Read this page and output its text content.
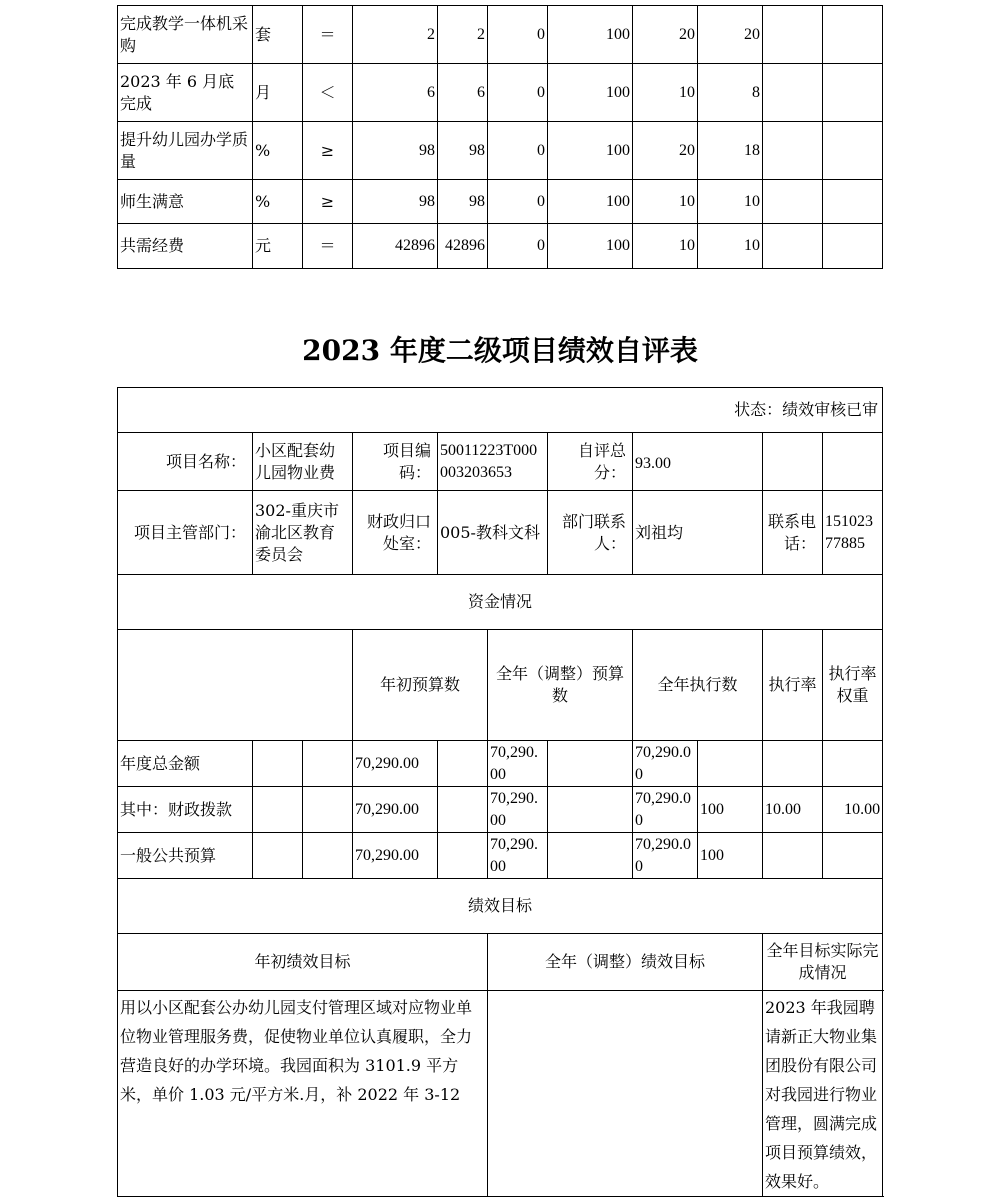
完成教学一体机采购	套	＝	2	2	0	100	20	20		
2023 年 6 月底完成	月	＜	6	6	0	100	10	8		
提升幼儿园办学质量	%	≥	98	98	0	100	20	18		
师生满意	%	≥	98	98	0	100	10	10		
共需经费	元	＝	42896	42896	0	100	10	10		
2023 年度二级项目绩效自评表
状态：绩效审核已审											
项目名称：	小区配套幼儿园物业费		项目编码：	50011223T000003203653		自评总分：	93.00				
项目主管部门：	302-重庆市渝北区教育委员会		财政归口处室：	005-教科文科		部门联系人：	刘祖均		联系电话：	15102377885	
资金情况											
			年初预算数		全年（调整）预算数		全年执行数		执行率	执行率权重	
年度总金额			70,290.00		70,290.00		70,290.00				
其中：财政拨款			70,290.00		70,290.00		70,290.00	100	10.00	10.00	
一般公共预算			70,290.00		70,290.00		70,290.00	100			
绩效目标											
年初绩效目标					全年（调整）绩效目标				全年目标实际完成情况		
用以小区配套公办幼儿园支付管理区域对应物业单位物业管理服务费，促使物业单位认真履职，全力营造良好的办学环境。我园面积为 3101.9 平方米，单价 1.03 元/平方米.月，补 2022 年 3-12									2023 年我园聘请新正大物业集团股份有限公司对我园进行物业管理，圆满完成项目预算绩效，效果好。		
